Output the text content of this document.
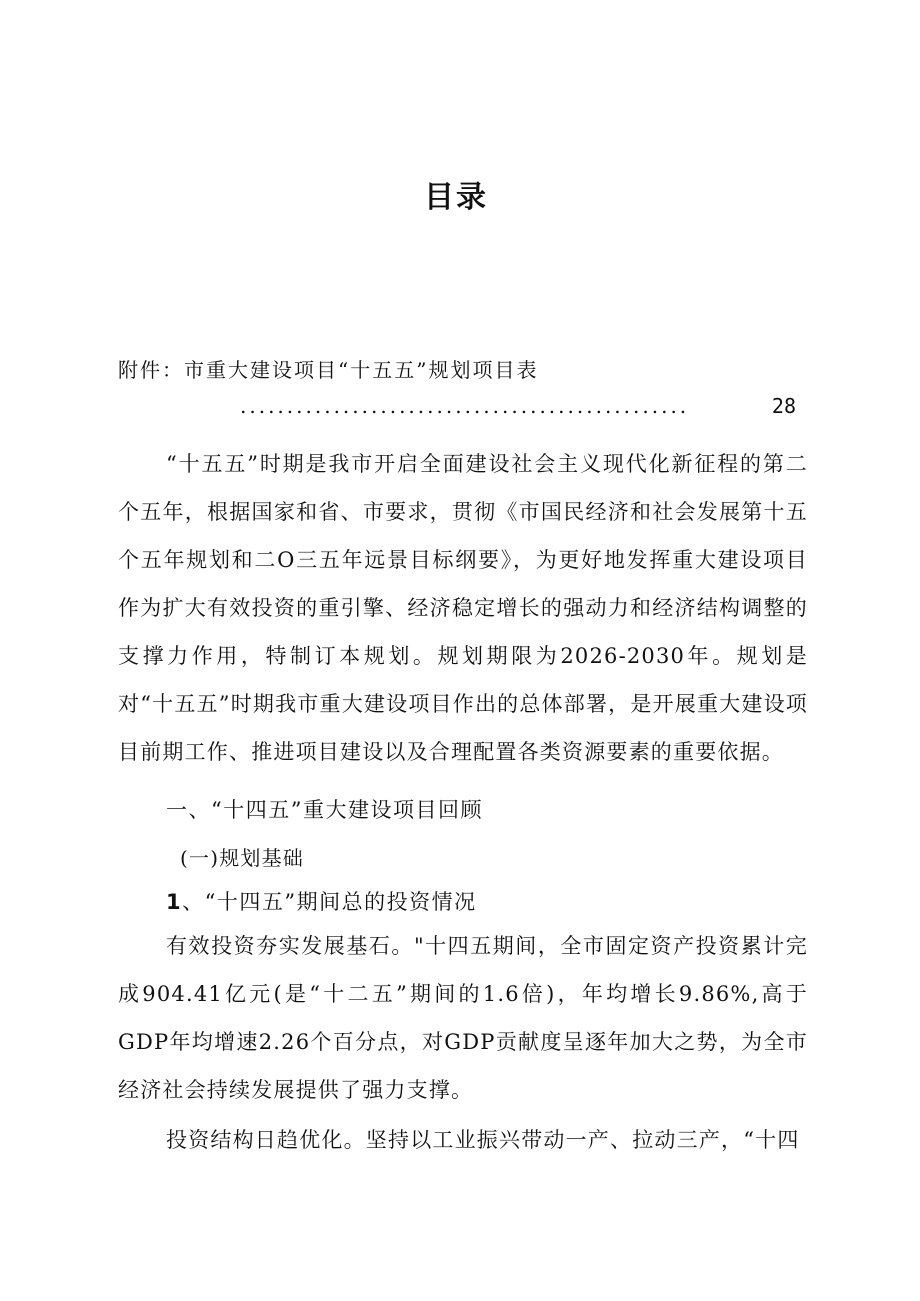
目录
附件：市重大建设项目“十五五”规划项目表
................................................	28
“十五五”时期是我市开启全面建设社会主义现代化新征程的第二个五年，根据国家和省、市要求，贯彻《市国民经济和社会发展第十五个五年规划和二O三五年远景目标纲要》，为更好地发挥重大建设项目作为扩大有效投资的重引擎、经济稳定增长的强动力和经济结构调整的支撑力作用，特制订本规划。规划期限为2026-2030年。规划是对“十五五”时期我市重大建设项目作出的总体部署，是开展重大建设项目前期工作、推进项目建设以及合理配置各类资源要素的重要依据。
一、“十四五”重大建设项目回顾
(一)规划基础
1、“十四五”期间总的投资情况
有效投资夯实发展基石。"十四五期间，全市固定资产投资累计完成904.41亿元(是“十二五”期间的1.6倍)，年均增长9.86%,高于GDP年均增速2.26个百分点，对GDP贡献度呈逐年加大之势，为全市经济社会持续发展提供了强力支撑。
投资结构日趋优化。坚持以工业振兴带动一产、拉动三产，“十四
